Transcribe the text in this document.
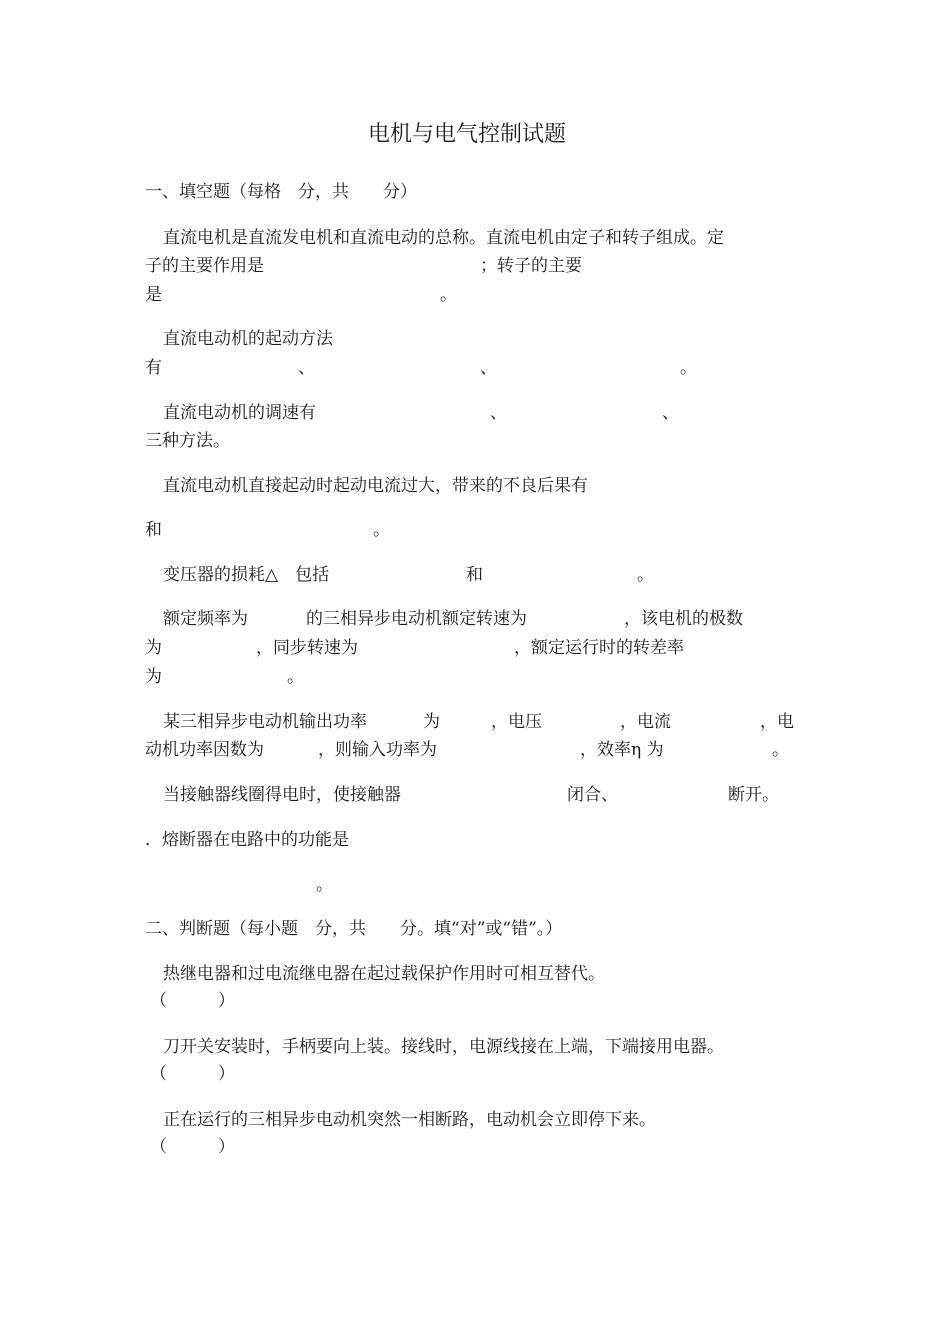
电机与电气控制试题
一、填空题（每格　分，共　　分）
直流电机是直流发电机和直流电动的总称。直流电机由定子和转子组成。定
子的主要作用是	；转子的主要
是	。
直流电动机的起动方法
有	、	、	。
直流电动机的调速有	、	、
三种方法。
直流电动机直接起动时起动电流过大，带来的不良后果有
和	。
变压器的损耗△　包括	和	。
额定频率为	的三相异步电动机额定转速为	，该电机的极数
为	，同步转速为	，额定运行时的转差率
为	。
某三相异步电动机输出功率	为	，电压	，电流	，电
动机功率因数为	，则输入功率为	，效率η 为	。
当接触器线圈得电时，使接触器	闭合、	断开。
．熔断器在电路中的功能是
。
二、判断题（每小题　分，共　　分。填“对”或“错”。）
热继电器和过电流继电器在起过载保护作用时可相互替代。
（　　　）
刀开关安装时，手柄要向上装。接线时，电源线接在上端，下端接用电器。
（　　　）
正在运行的三相异步电动机突然一相断路，电动机会立即停下来。
（　　　）
